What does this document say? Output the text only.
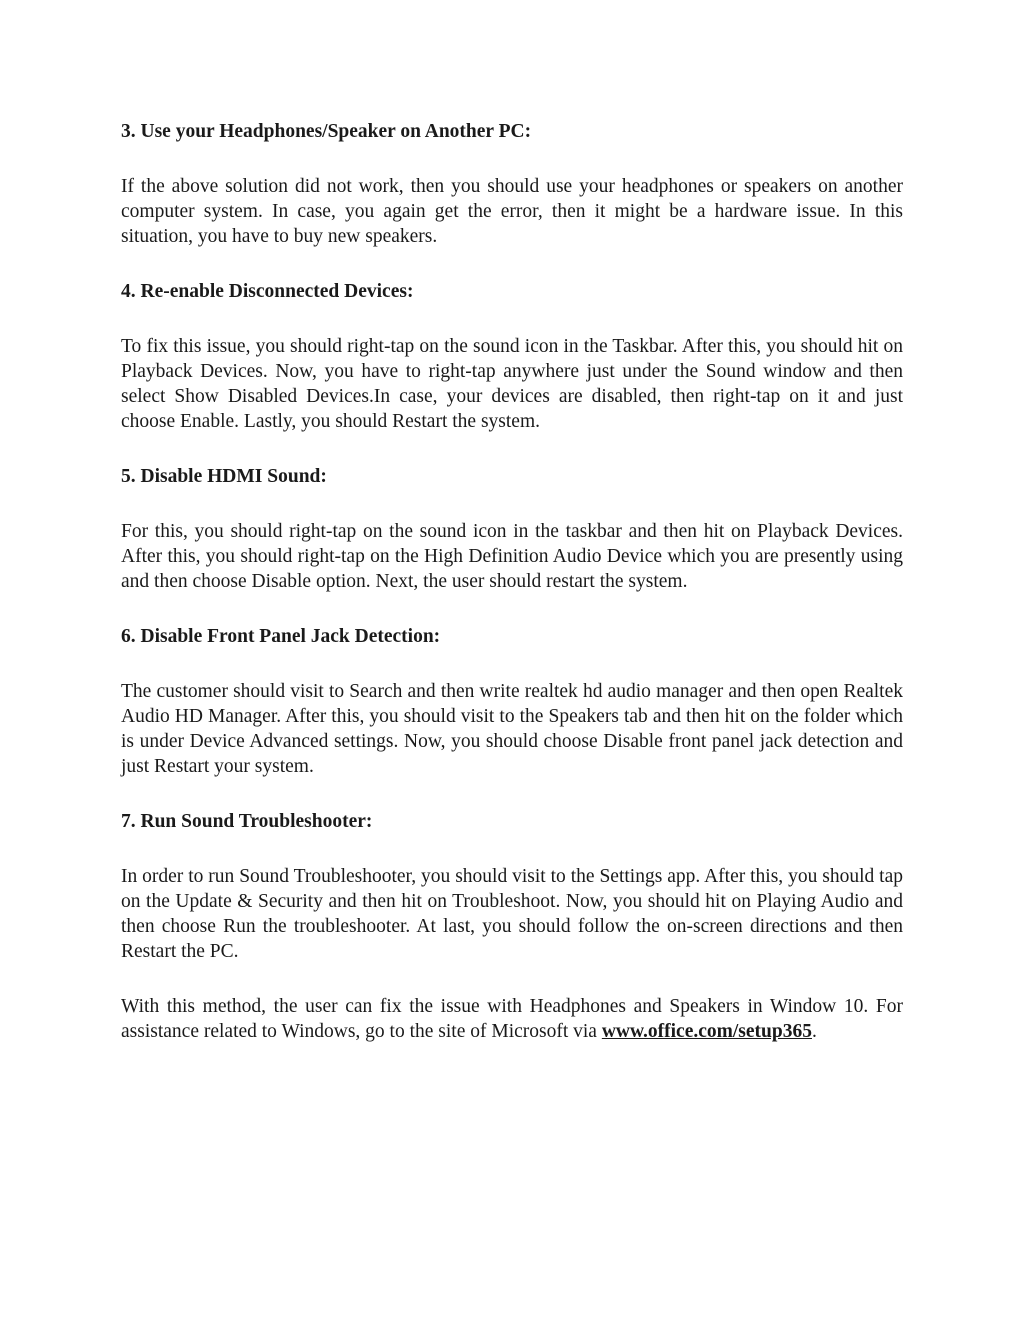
3. Use your Headphones/Speaker on Another PC:
If the above solution did not work, then you should use your headphones or speakers on another computer system. In case, you again get the error, then it might be a hardware issue. In this situation, you have to buy new speakers.
4. Re-enable Disconnected Devices:
To fix this issue, you should right-tap on the sound icon in the Taskbar. After this, you should hit on Playback Devices. Now, you have to right-tap anywhere just under the Sound window and then select Show Disabled Devices.In case, your devices are disabled, then right-tap on it and just choose Enable. Lastly, you should Restart the system.
5. Disable HDMI Sound:
For this, you should right-tap on the sound icon in the taskbar and then hit on Playback Devices. After this, you should right-tap on the High Definition Audio Device which you are presently using and then choose Disable option. Next, the user should restart the system.
6. Disable Front Panel Jack Detection:
The customer should visit to Search and then write realtek hd audio manager and then open Realtek Audio HD Manager. After this, you should visit to the Speakers tab and then hit on the folder which is under Device Advanced settings. Now, you should choose Disable front panel jack detection and just Restart your system.
7. Run Sound Troubleshooter:
In order to run Sound Troubleshooter, you should visit to the Settings app. After this, you should tap on the Update & Security and then hit on Troubleshoot. Now, you should hit on Playing Audio and then choose Run the troubleshooter. At last, you should follow the on-screen directions and then Restart the PC.
With this method, the user can fix the issue with Headphones and Speakers in Window 10. For assistance related to Windows, go to the site of Microsoft via www.office.com/setup365.
